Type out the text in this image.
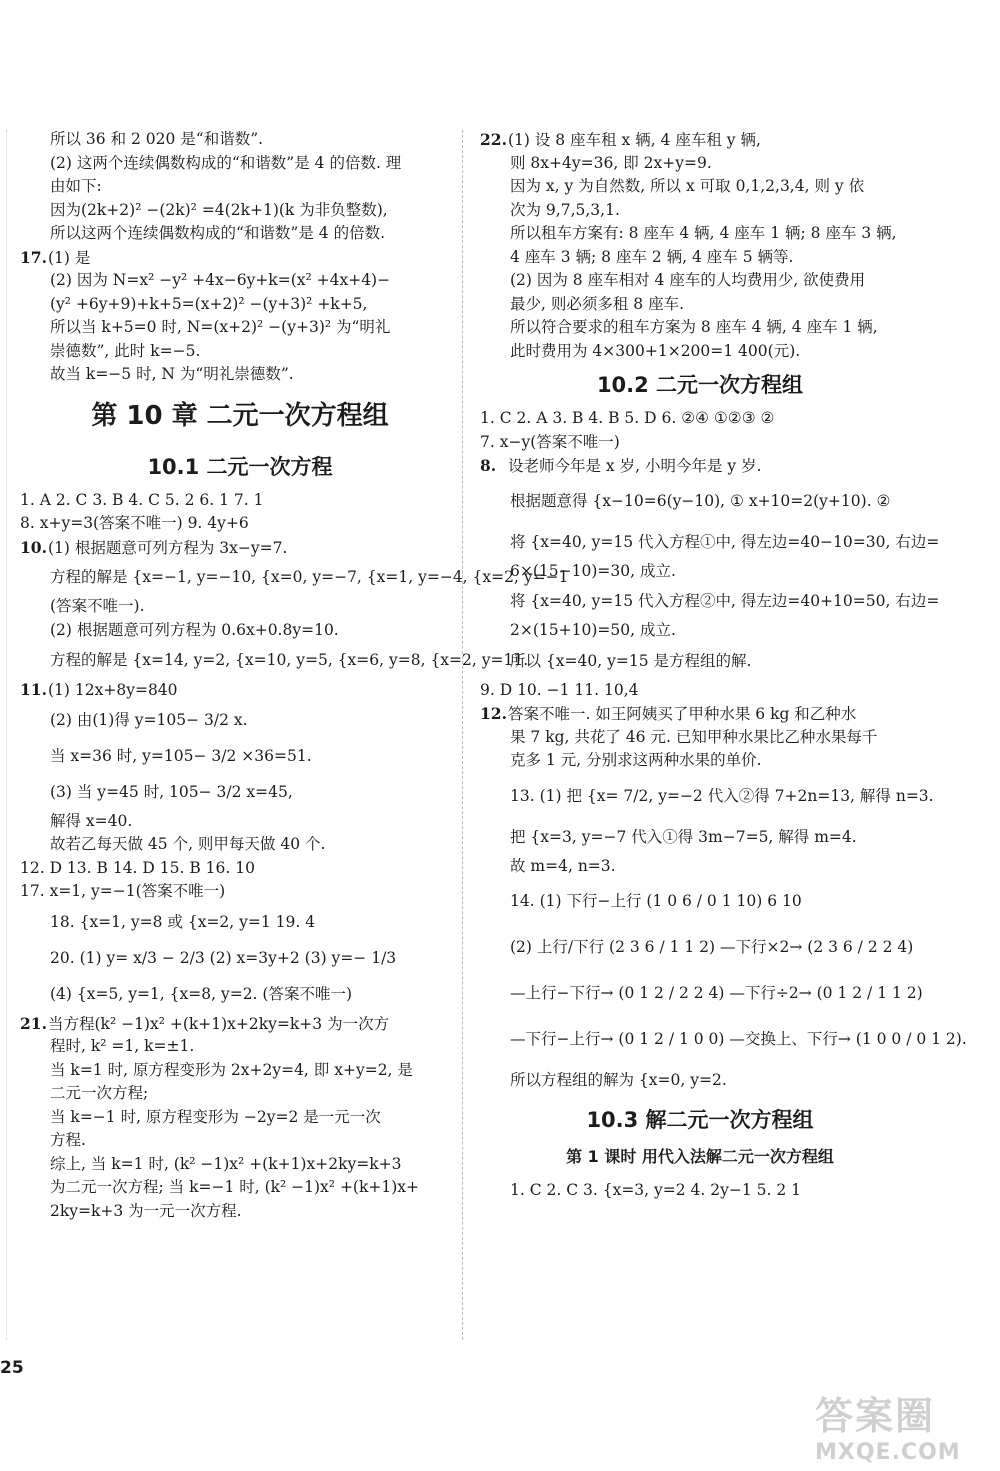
所以 36 和 2 020 是“和谐数”.
(2) 这两个连续偶数构成的“和谐数”是 4 的倍数. 理
由如下:
因为(2k+2)² −(2k)² =4(2k+1)(k 为非负整数),
所以这两个连续偶数构成的“和谐数”是 4 的倍数.
17.(1) 是
(2) 因为 N=x² −y² +4x−6y+k=(x² +4x+4)−
(y² +6y+9)+k+5=(x+2)² −(y+3)² +k+5,
所以当 k+5=0 时, N=(x+2)² −(y+3)² 为“明礼
崇德数”, 此时 k=−5.
故当 k=−5 时, N 为“明礼崇德数”.
第 10 章 二元一次方程组
10.1 二元一次方程
1. A 2. C 3. B 4. C 5. 2 6. 1 7. 1
8. x+y=3(答案不唯一) 9. 4y+6
10.(1) 根据题意可列方程为 3x−y=7.
方程的解是 {x=−1, y=−10, {x=0, y=−7, {x=1, y=−4, {x=2, y=−1
(答案不唯一).
(2) 根据题意可列方程为 0.6x+0.8y=10.
方程的解是 {x=14, y=2, {x=10, y=5, {x=6, y=8, {x=2, y=11.
11.(1) 12x+8y=840
(2) 由(1)得 y=105− 3/2 x.
当 x=36 时, y=105− 3/2 ×36=51.
(3) 当 y=45 时, 105− 3/2 x=45,
解得 x=40.
故若乙每天做 45 个, 则甲每天做 40 个.
12. D 13. B 14. D 15. B 16. 10
17. x=1, y=−1(答案不唯一)
18. {x=1, y=8 或 {x=2, y=1 19. 4
20. (1) y= x/3 − 2/3 (2) x=3y+2 (3) y=− 1/3
(4) {x=5, y=1, {x=8, y=2. (答案不唯一)
21.当方程(k² −1)x² +(k+1)x+2ky=k+3 为一次方
程时, k² =1, k=±1.
当 k=1 时, 原方程变形为 2x+2y=4, 即 x+y=2, 是
二元一次方程;
当 k=−1 时, 原方程变形为 −2y=2 是一元一次
方程.
综上, 当 k=1 时, (k² −1)x² +(k+1)x+2ky=k+3
为二元一次方程; 当 k=−1 时, (k² −1)x² +(k+1)x+
2ky=k+3 为一元一次方程.
22.(1) 设 8 座车租 x 辆, 4 座车租 y 辆,
则 8x+4y=36, 即 2x+y=9.
因为 x, y 为自然数, 所以 x 可取 0,1,2,3,4, 则 y 依
次为 9,7,5,3,1.
所以租车方案有: 8 座车 4 辆, 4 座车 1 辆; 8 座车 3 辆,
4 座车 3 辆; 8 座车 2 辆, 4 座车 5 辆等.
(2) 因为 8 座车相对 4 座车的人均费用少, 欲使费用
最少, 则必须多租 8 座车.
所以符合要求的租车方案为 8 座车 4 辆, 4 座车 1 辆,
此时费用为 4×300+1×200=1 400(元).
10.2 二元一次方程组
1. C 2. A 3. B 4. B 5. D 6. ②④ ①②③ ②
7. x−y(答案不唯一)
8. 设老师今年是 x 岁, 小明今年是 y 岁.
根据题意得 {x−10=6(y−10), ① x+10=2(y+10). ②
将 {x=40, y=15 代入方程①中, 得左边=40−10=30, 右边=
6×(15−10)=30, 成立.
将 {x=40, y=15 代入方程②中, 得左边=40+10=50, 右边=
2×(15+10)=50, 成立.
所以 {x=40, y=15 是方程组的解.
9. D 10. −1 11. 10,4
12.答案不唯一. 如王阿姨买了甲种水果 6 kg 和乙种水
果 7 kg, 共花了 46 元. 已知甲种水果比乙种水果每千
克多 1 元, 分别求这两种水果的单价.
13. (1) 把 {x= 7/2, y=−2 代入②得 7+2n=13, 解得 n=3.
把 {x=3, y=−7 代入①得 3m−7=5, 解得 m=4.
故 m=4, n=3.
14. (1) 下行−上行 (1 0 6 / 0 1 10) 6 10
(2) 上行/下行 (2 3 6 / 1 1 2) —下行×2→ (2 3 6 / 2 2 4)
—上行−下行→ (0 1 2 / 2 2 4) —下行÷2→ (0 1 2 / 1 1 2)
—下行−上行→ (0 1 2 / 1 0 0) —交换上、下行→ (1 0 0 / 0 1 2).
所以方程组的解为 {x=0, y=2.
10.3 解二元一次方程组
第 1 课时 用代入法解二元一次方程组
1. C 2. C 3. {x=3, y=2 4. 2y−1 5. 2 1
25
答案圈
MXQE.COM
